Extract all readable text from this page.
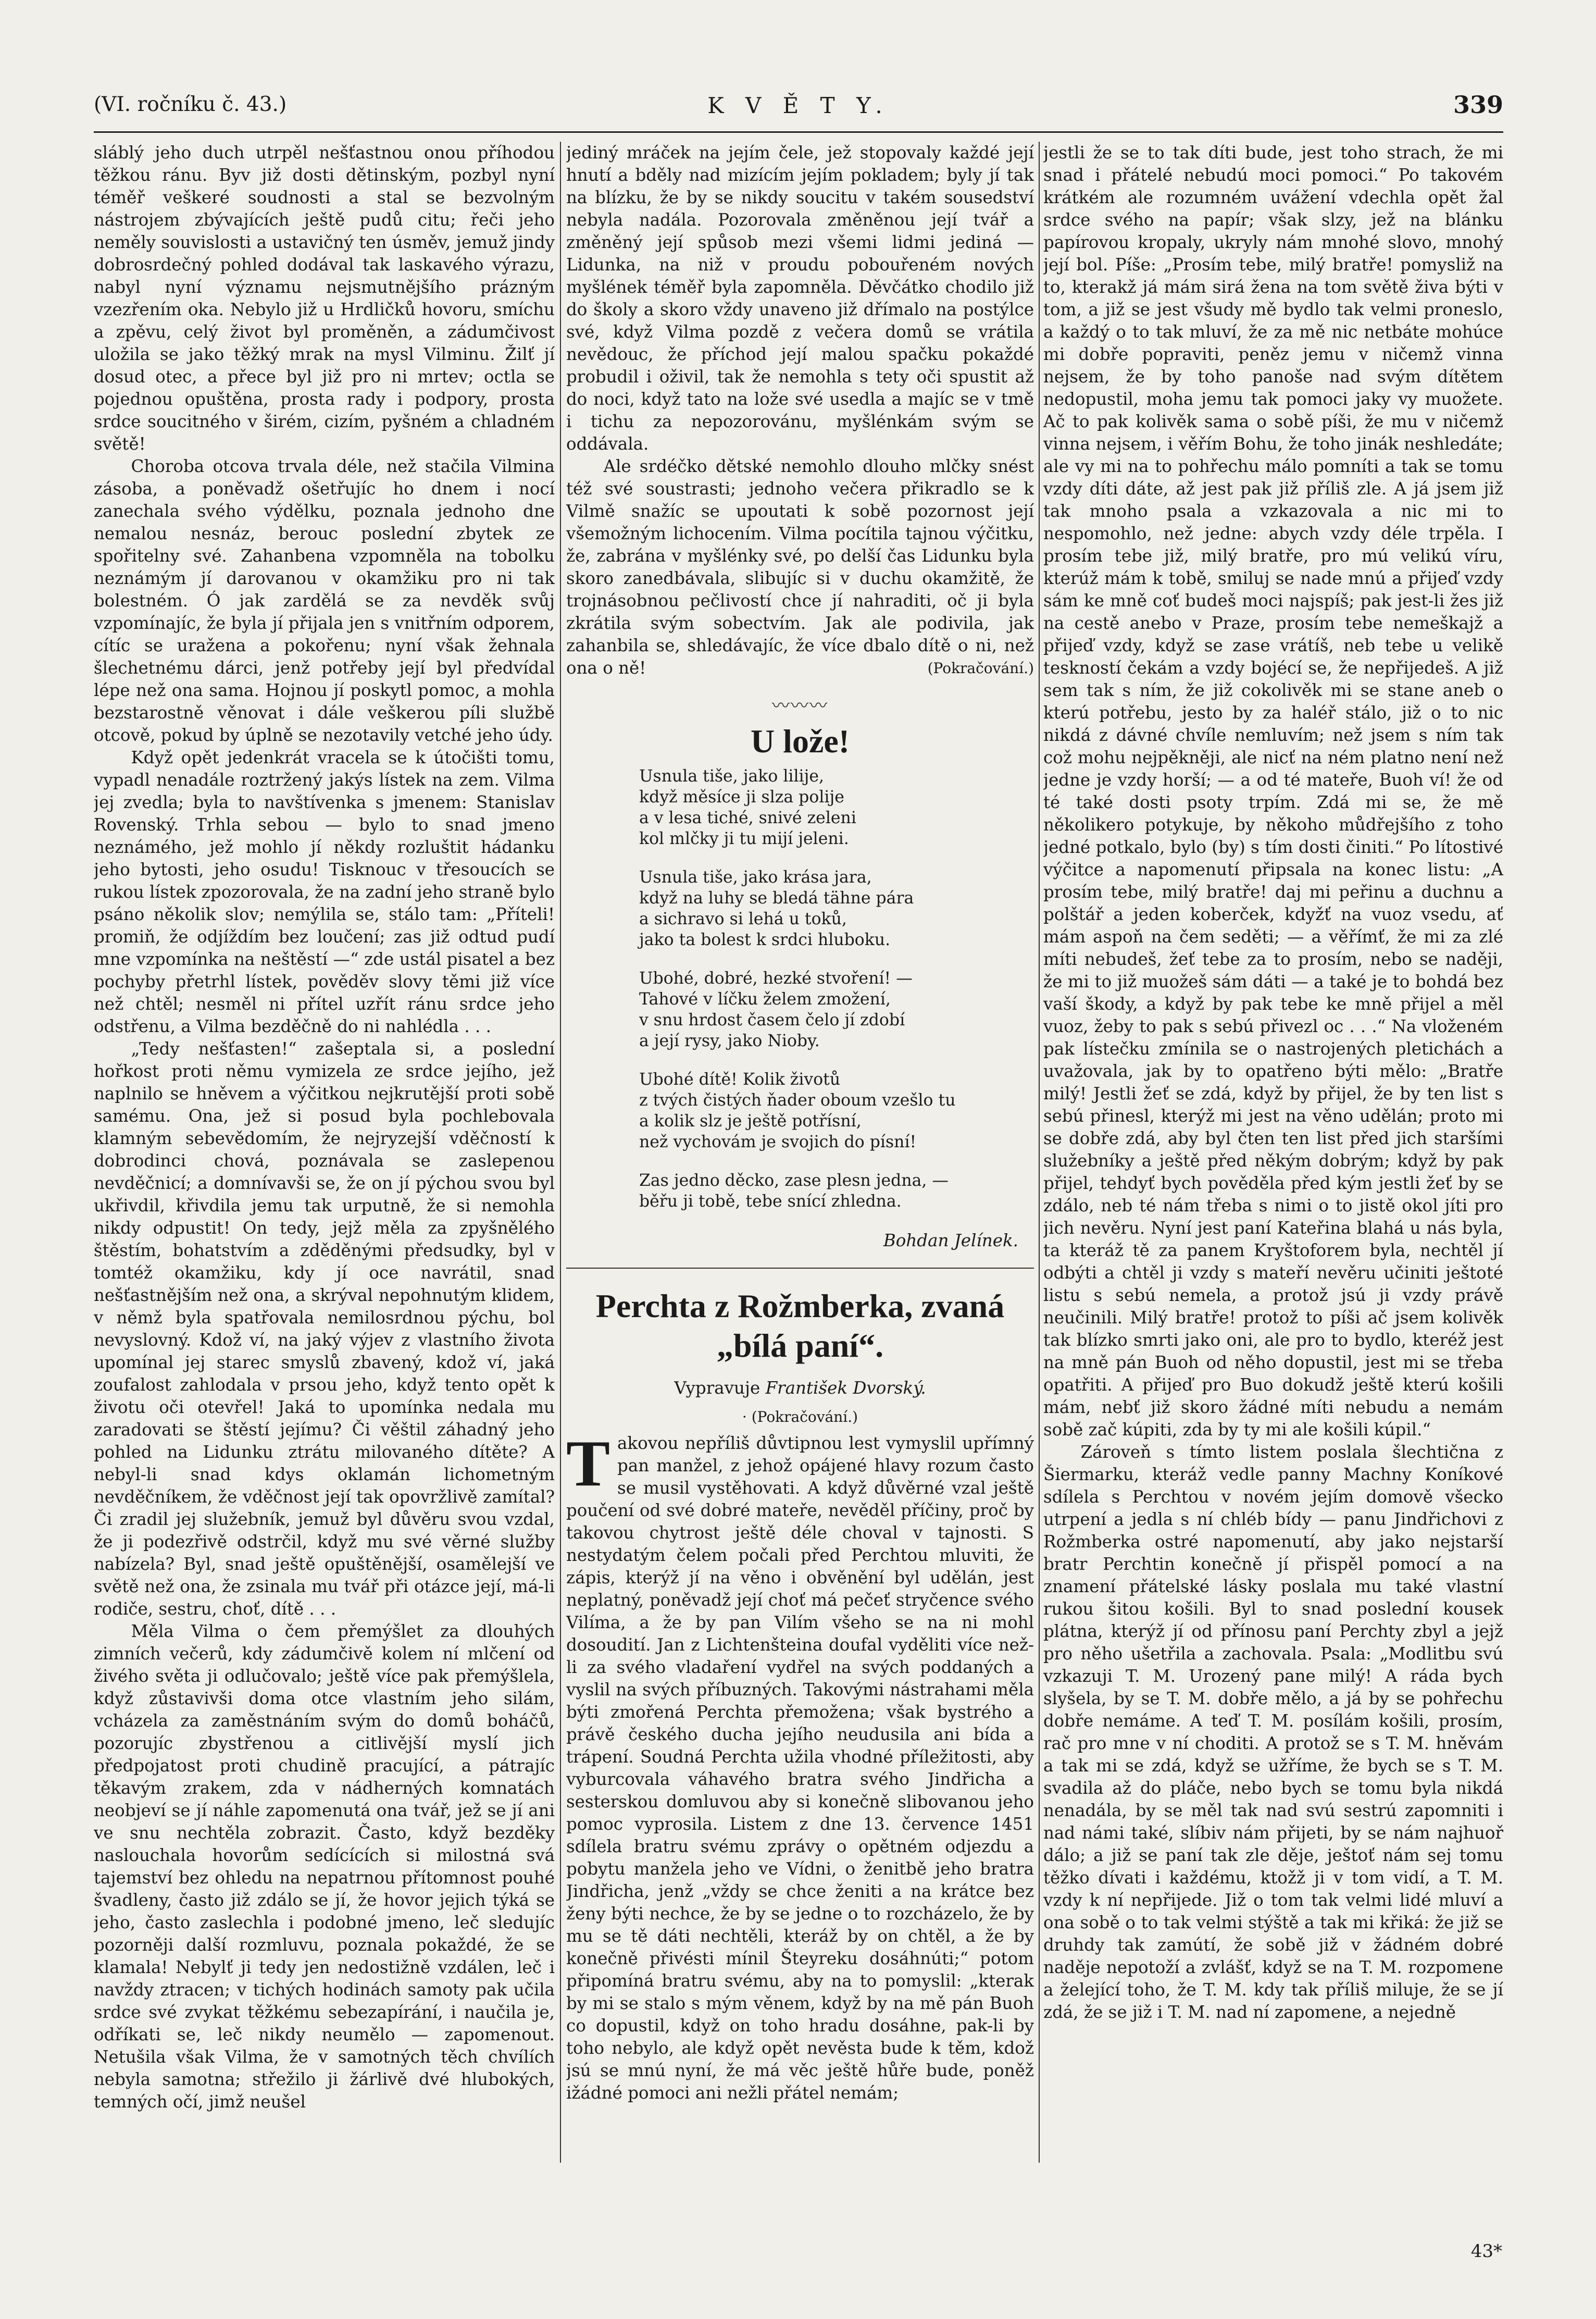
(VI. ročníku č. 43.)	K V Ě T Y.	339

sláblý jeho duch utrpěl nešťastnou onou příhodou těžkou ránu. Byv již dosti dětinským, pozbyl nyní téměř veškeré soudnosti a stal se bezvolným nástrojem zbývajících ještě pudů citu; řeči jeho neměly souvislosti a ustavičný ten úsměv, jemuž jindy dobrosrdečný pohled dodával tak laskavého výrazu, nabyl nyní významu nejsmutnějšího prázným vzezřením oka. Nebylo již u Hrdličků hovoru, smíchu a zpěvu, celý život byl proměněn, a zádumčivost uložila se jako těžký mrak na mysl Vilminu. Žilť jí dosud otec, a přece byl již pro ni mrtev; octla se pojednou opuštěna, prosta rady i podpory, prosta srdce soucitného v širém, cizím, pyšném a chladném světě!

Choroba otcova trvala déle, než stačila Vilmina zásoba, a poněvadž ošetřujíc ho dnem i nocí zanechala svého výdělku, poznala jednoho dne nemalou nesnáz, berouc poslední zbytek ze spořitelny své. Zahanbena vzpomněla na tobolku neznámým jí darovanou v okamžiku pro ni tak bolestném. Ó jak zardělá se za nevděk svůj vzpomínajíc, že byla jí přijala jen s vnitřním odporem, cítíc se uražena a pokořenu; nyní však žehnala šlechetnému dárci, jenž potřeby její byl předvídal lépe než ona sama. Hojnou jí poskytl pomoc, a mohla bezstarostně věnovat i dále veškerou píli službě otcově, pokud by úplně se nezotavily vetché jeho údy.

Když opět jedenkrát vracela se k útočišti tomu, vypadl nenadále roztržený jakýs lístek na zem. Vilma jej zvedla; byla to navštívenka s jmenem: Stanislav Rovenský. Trhla sebou — bylo to snad jmeno neznámého, jež mohlo jí někdy rozluštit hádanku jeho bytosti, jeho osudu! Tisknouc v třesoucích se rukou lístek zpozorovala, že na zadní jeho straně bylo psáno několik slov; nemýlila se, stálo tam: „Příteli! promiň, že odjíždím bez loučení; zas již odtud pudí mne vzpomínka na neštěstí —“ zde ustál pisatel a bez pochyby přetrhl lístek, pověděv slovy těmi již více než chtěl; nesměl ni přítel uzřít ránu srdce jeho odstřenu, a Vilma bezděčně do ni nahlédla . . .

„Tedy nešťasten!“ zašeptala si, a poslední hořkost proti němu vymizela ze srdce jejího, jež naplnilo se hněvem a výčitkou nejkrutější proti sobě samému. Ona, jež si posud byla pochlebovala klamným sebevědomím, že nejryzejší vděčností k dobrodinci chová, poznávala se zaslepenou nevděčnicí; a domnívavši se, že on jí pýchou svou byl ukřivdil, křivdila jemu tak urputně, že si nemohla nikdy odpustit! On tedy, jejž měla za zpyšnělého štěstím, bohatstvím a zděděnými předsudky, byl v tomtéž okamžiku, kdy jí oce navrátil, snad nešťastnějším než ona, a skrýval nepohnutým klidem, v němž byla spatřovala nemilosrdnou pýchu, bol nevyslovný. Kdož ví, na jaký výjev z vlastního života upomínal jej starec smyslů zbavený, kdož ví, jaká zoufalost zahlodala v prsou jeho, když tento opět k životu oči otevřel! Jaká to upomínka nedala mu zaradovati se štěstí jejímu? Či věštil záhadný jeho pohled na Lidunku ztrátu milovaného dítěte? A nebyl-li snad kdys oklamán lichometným nevděčníkem, že vděčnost její tak opovržlivě zamítal? Či zradil jej služebník, jemuž byl důvěru svou vzdal, že ji podezřivě odstrčil, když mu své věrné služby nabízela? Byl, snad ještě opuštěnější, osamělejší ve světě než ona, že zsinala mu tvář při otázce její, má-li rodiče, sestru, choť, dítě . . .

Měla Vilma o čem přemýšlet za dlouhých zimních večerů, kdy zádumčivě kolem ní mlčení od živého světa ji odlučovalo; ještě více pak přemýšlela, když zůstavivši doma otce vlastním jeho silám, vcházela za zaměstnáním svým do domů boháčů, pozorujíc zbystřenou a citlivější myslí jich předpojatost proti chudině pracující, a pátrajíc těkavým zrakem, zda v nádherných komnatách neobjeví se jí náhle zapomenutá ona tvář, jež se jí ani ve snu nechtěla zobrazit. Často, když bezděky naslouchala hovorům sedícících si milostná svá tajemství bez ohledu na nepatrnou přítomnost pouhé švadleny, často již zdálo se jí, že hovor jejich týká se jeho, často zaslechla i podobné jmeno, leč sledujíc pozorněji další rozmluvu, poznala pokaždé, že se klamala! Nebylť ji tedy jen nedostižně vzdálen, leč i navždy ztracen; v tichých hodinách samoty pak učila srdce své zvykat těžkému sebezapírání, i naučila je, odříkati se, leč nikdy neumělo — zapomenout. Netušila však Vilma, že v samotných těch chvílích nebyla samotna; střežilo ji žárlivě dvé hlubokých, temných očí, jimž neušel

jediný mráček na jejím čele, jež stopovaly každé její hnutí a bděly nad mizícím jejím pokladem; byly jí tak na blízku, že by se nikdy soucitu v takém sousedství nebyla nadála. Pozorovala změněnou její tvář a změněný její spůsob mezi všemi lidmi jediná — Lidunka, na niž v proudu pobouřeném nových myšlének téměř byla zapomněla. Děvčátko chodilo již do školy a skoro vždy unaveno již dřímalo na postýlce své, když Vilma pozdě z večera domů se vrátila nevědouc, že příchod její malou spačku pokaždé probudil i oživil, tak že nemohla s tety oči spustit až do noci, když tato na lože své usedla a majíc se v tmě i tichu za nepozorovánu, myšlénkám svým se oddávala.

Ale srdéčko dětské nemohlo dlouho mlčky snést též své soustrasti; jednoho večera přikradlo se k Vilmě snažíc se upoutati k sobě pozornost její všemožným lichocením. Vilma pocítila tajnou výčitku, že, zabrána v myšlénky své, po delší čas Lidunku byla skoro zanedbávala, slibujíc si v duchu okamžitě, že trojnásobnou pečlivostí chce jí nahraditi, oč ji byla zkrátila svým sobectvím. Jak ale podivila, jak zahanbila se, shledávajíc, že více dbalo dítě o ni, než ona o ně!	(Pokračování.)

〰〰〰
U lože!
Usnula tiše, jako lilije,
když měsíce ji slza polije
a v lesa tiché, snivé zeleni
kol mlčky ji tu mijí jeleni.
Usnula tiše, jako krása jara,
když na luhy se bledá tähne pára
a sichravo si lehá u toků,
jako ta bolest k srdci hluboku.
Ubohé, dobré, hezké stvoření! —
Tahové v líčku želem zmožení,
v snu hrdost časem čelo jí zdobí
a její rysy, jako Nioby.
Ubohé dítě! Kolik životů
z tvých čistých ňader oboum vzešlo tu
a kolik slz je ještě potřísní,
než vychovám je svojich do písní!
Zas jedno děcko, zase plesn jedna, —
běřu ji tobě, tebe snící zhledna.
Bohdan Jelínek.
Perchta z Rožmberka, zvaná „bílá paní“.
Vypravuje František Dvorský.
· (Pokračování.)

Takovou nepříliš důvtipnou lest vymyslil upřímný pan manžel, z jehož opájené hlavy rozum často se musil vystěhovati. A když důvěrné vzal ještě poučení od své dobré mateře, nevěděl příčiny, proč by takovou chytrost ještě déle choval v tajnosti. S nestydatým čelem počali před Perchtou mluviti, že zápis, kterýž jí na věno i obvěnění byl udělán, jest neplatný, poněvadž její choť má pečeť stryčence svého Vilíma, a že by pan Vilím všeho se na ni mohl dosoudití. Jan z Lichtenšteina doufal vyděliti více než-li za svého vladaření vydřel na svých poddaných a vyslil na svých příbuzných. Takovými nástrahami měla býti zmořená Perchta přemožena; však bystrého a právě českého ducha jejího neudusila ani bída a trápení. Soudná Perchta užila vhodné příležitosti, aby vyburcovala váhavého bratra svého Jindřicha a sesterskou domluvou aby si konečně slibovanou jeho pomoc vyprosila. Listem z dne 13. července 1451 sdílela bratru svému zprávy o opětném odjezdu a pobytu manžela jeho ve Vídni, o ženitbě jeho bratra Jindřicha, jenž „vždy se chce ženiti a na krátce bez ženy býti nechce, že by se jedne o to rozcházelo, že by mu se tě dáti nechtěli, kteráž by on chtěl, a že by konečně přivésti mínil Šteyreku dosáhnúti;“ potom připomíná bratru svému, aby na to pomyslil: „kterak by mi se stalo s mým věnem, když by na mě pán Buoh co dopustil, když on toho hradu dosáhne, pak-li by toho nebylo, ale když opět nevěsta bude k těm, kdož jsú se mnú nyní, že má věc ještě hůře bude, poněž ižádné pomoci ani nežli přátel nemám;

jestli že se to tak díti bude, jest toho strach, že mi snad i přátelé nebudú moci pomoci.“ Po takovém krátkém ale rozumném uvážení vdechla opět žal srdce svého na papír; však slzy, jež na blánku papírovou kropaly, ukryly nám mnohé slovo, mnohý její bol. Píše: „Prosím tebe, milý bratře! pomysliž na to, kterakž já mám sirá žena na tom světě živa býti v tom, a již se jest všudy mě bydlo tak velmi proneslo, a každý o to tak mluví, že za mě nic netbáte mohúce mi dobře popraviti, peněz jemu v ničemž vinna nejsem, že by toho panoše nad svým dítětem nedopustil, moha jemu tak pomoci jaky vy muožete. Ač to pak kolivěk sama o sobě píši, že mu v ničemž vinna nejsem, i věřím Bohu, že toho jinák neshledáte; ale vy mi na to pohřechu málo pomníti a tak se tomu vzdy díti dáte, až jest pak již příliš zle. A já jsem již tak mnoho psala a vzkazovala a nic mi to nespomohlo, než jedne: abych vzdy déle trpěla. I prosím tebe již, milý bratře, pro mú velikú víru, kterúž mám k tobě, smiluj se nade mnú a přijeď vzdy sám ke mně coť budeš moci najspíš; pak jest-li žes již na cestě anebo v Praze, prosím tebe nemeškajž a přijeď vzdy, když se zase vrátíš, neb tebe u velikě teskností čekám a vzdy bojécí se, že nepřijedeš. A již sem tak s ním, že již cokolivěk mi se stane aneb o kterú potřebu, jesto by za haléř stálo, již o to nic nikdá z dávné chvíle nemluvím; než jsem s ním tak což mohu nejpěkněji, ale nicť na ném platno není než jedne je vzdy horší; — a od té mateře, Buoh ví! že od té také dosti psoty trpím. Zdá mi se, že mě několikero potykuje, by někoho můdřejšího z toho jedné potkalo, bylo (by) s tím dosti činiti.“ Po lítostivé výčitce a napomenutí připsala na konec listu: „A prosím tebe, milý bratře! daj mi peřinu a duchnu a polštář a jeden koberček, kdyžť na vuoz vsedu, ať mám aspoň na čem seděti; — a věřímť, že mi za zlé míti nebudeš, žeť tebe za to prosím, nebo se naději, že mi to již muožeš sám dáti — a také je to bohdá bez vaší škody, a když by pak tebe ke mně přijel a měl vuoz, žeby to pak s sebú přivezl oc . . .“ Na vloženém pak lístečku zmínila se o nastrojených pletichách a uvažovala, jak by to opatřeno býti mělo: „Bratře milý! Jestli žeť se zdá, když by přijel, že by ten list s sebú přinesl, kterýž mi jest na věno udělán; proto mi se dobře zdá, aby byl čten ten list před jich staršími služebníky a ještě před někým dobrým; když by pak přijel, tehdyť bych pověděla před kým jestli žeť by se zdálo, neb té nám třeba s nimi o to jistě okol jíti pro jich nevěru. Nyní jest paní Kateřina blahá u nás byla, ta kteráž tě za panem Kryštoforem byla, nechtěl jí odbýti a chtěl ji vzdy s mateří nevěru učiniti ještoté listu s sebú nemela, a protož jsú ji vzdy právě neučinili. Milý bratře! protož to píši ač jsem kolivěk tak blízko smrti jako oni, ale pro to bydlo, kteréž jest na mně pán Buoh od něho dopustil, jest mi se třeba opatřiti. A přijeď pro Buo dokudž ještě kterú košili mám, nebť již skoro žádné míti nebudu a nemám sobě zač kúpiti, zda by ty mi ale košili kúpil.“

Zároveň s tímto listem poslala šlechtična z Šiermarku, kteráž vedle panny Machny Koníkové sdílela s Perchtou v novém jejím domově všecko utrpení a jedla s ní chléb bídy — panu Jindřichovi z Rožmberka ostré napomenutí, aby jako nejstarší bratr Perchtin konečně jí přispěl pomocí a na znamení přátelské lásky poslala mu také vlastní rukou šitou košili. Byl to snad poslední kousek plátna, kterýž jí od přínosu paní Perchty zbyl a jejž pro něho ušetřila a zachovala. Psala: „Modlitbu svú vzkazuji T. M. Urozený pane milý! A ráda bych slyšela, by se T. M. dobře mělo, a já by se pohřechu dobře nemáme. A teď T. M. posílám košili, prosím, rač pro mne v ní choditi. A protož se s T. M. hněvám a tak mi se zdá, když se užříme, že bych se s T. M. svadila až do pláče, nebo bych se tomu byla nikdá nenadála, by se měl tak nad svú sestrú zapomniti i nad námi také, slíbiv nám přijeti, by se nám najhuoř dálo; a již se paní tak zle děje, ještoť nám sej tomu těžko dívati i každému, ktožž ji v tom vidí, a T. M. vzdy k ní nepřijede. Již o tom tak velmi lidé mluví a ona sobě o to tak velmi stýště a tak mi křiká: že již se druhdy tak zamútí, že sobě již v žádném dobré naděje nepotoží a zvlášť, když se na T. M. rozpomene a želející toho, že T. M. kdy tak příliš miluje, že se jí zdá, že se již i T. M. nad ní zapomene, a nejedně

43*
